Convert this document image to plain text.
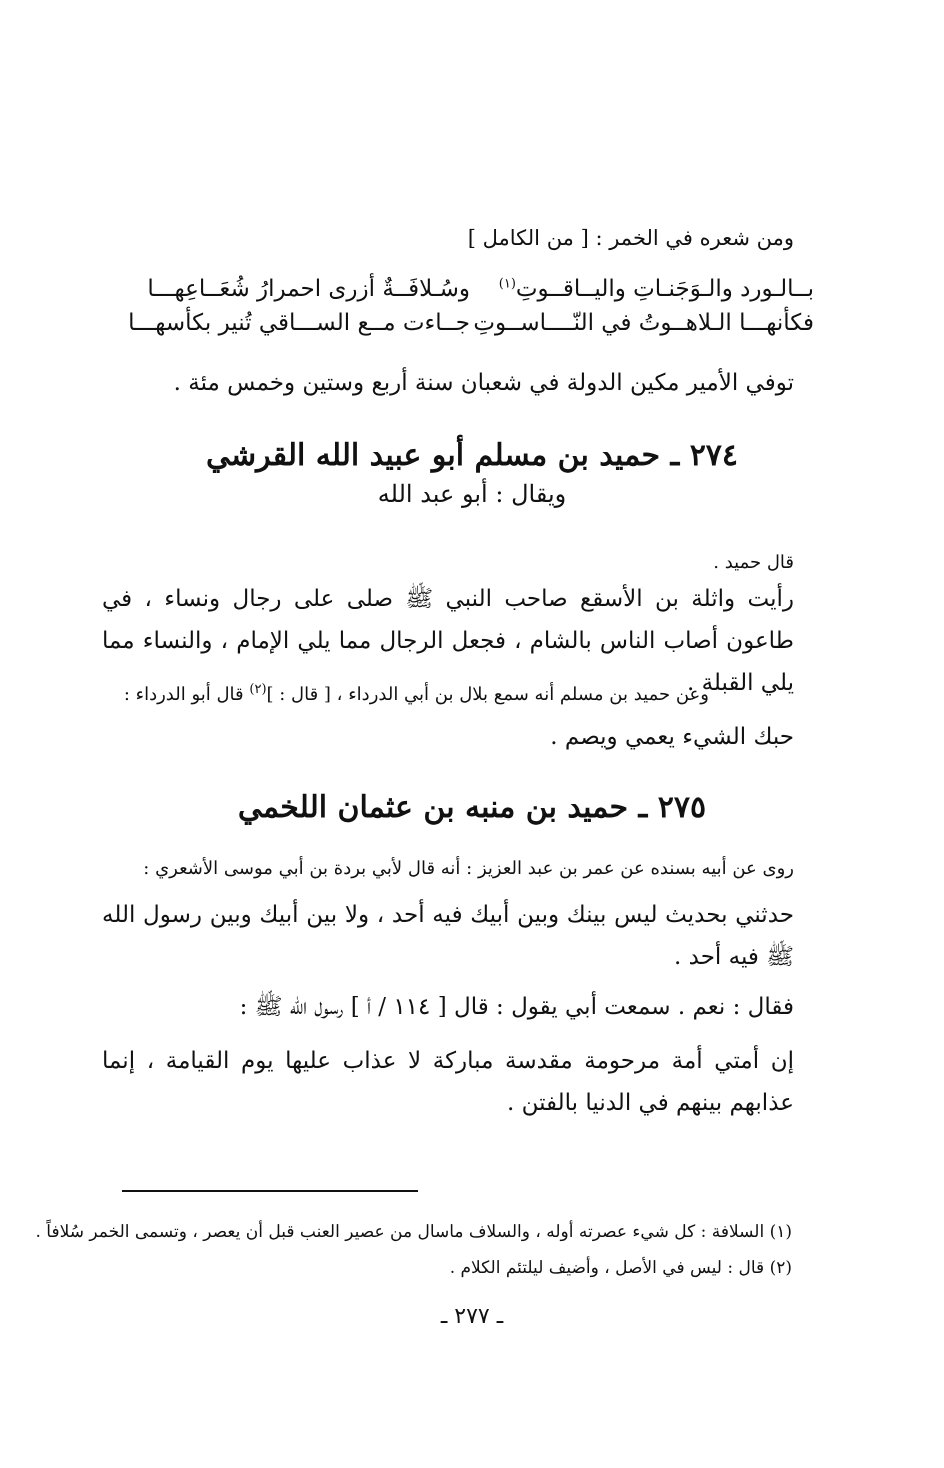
ومن شعره في الخمر : [ من الكامل ]
وسُـلافَــةٌ أزرى احمرارُ شُعَــاعِهـــا	بــالـورد والـوَجَنـاتِ واليــاقــوتِ$^{(١)}$
جــاءت مــع الســـاقي تُنير بكأسهـــا فكأنهـــا الـلاهــوتُ في النّــــاســوتِ
توفي الأمير مكين الدولة في شعبان سنة أربع وستين وخمس مئة .
٢٧٤ ـ حميد بن مسلم أبو عبيد الله القرشي
ويقال : أبو عبد الله
قال حميد .
رأيت واثلة بن الأسقع صاحب النبي ﷺ صلى على رجال ونساء ، في طاعون أصاب الناس بالشام ، فجعل الرجال مما يلي الإمام ، والنساء مما يلي القبلة .
وعن حميد بن مسلم أنه سمع بلال بن أبي الدرداء ، [ قال : ]$^{(٢)}$ قال أبو الدرداء :
حبك الشيء يعمي ويصم .
٢٧٥ ـ حميد بن منبه بن عثمان اللخمي
روى عن أبيه بسنده عن عمر بن عبد العزيز : أنه قال لأبي بردة بن أبي موسى الأشعري :
حدثني بحديث ليس بينك وبين أبيك فيه أحد ، ولا بين أبيك وبين رسول الله ﷺ فيه أحد .
فقال : نعم . سمعت أبي يقول : قال [ ١١٤ / أ ] رسول الله ﷺ :
إن أمتي أمة مرحومة مقدسة مباركة لا عذاب عليها يوم القيامة ، إنما عذابهم بينهم في الدنيا بالفتن .
(١) السلافة : كل شيء عصرته أوله ، والسلاف ماسال من عصير العنب قبل أن يعصر ، وتسمى الخمر سُلافاً .
(٢) قال : ليس في الأصل ، وأضيف ليلتئم الكلام .
ـ ٢٧٧ ـ
